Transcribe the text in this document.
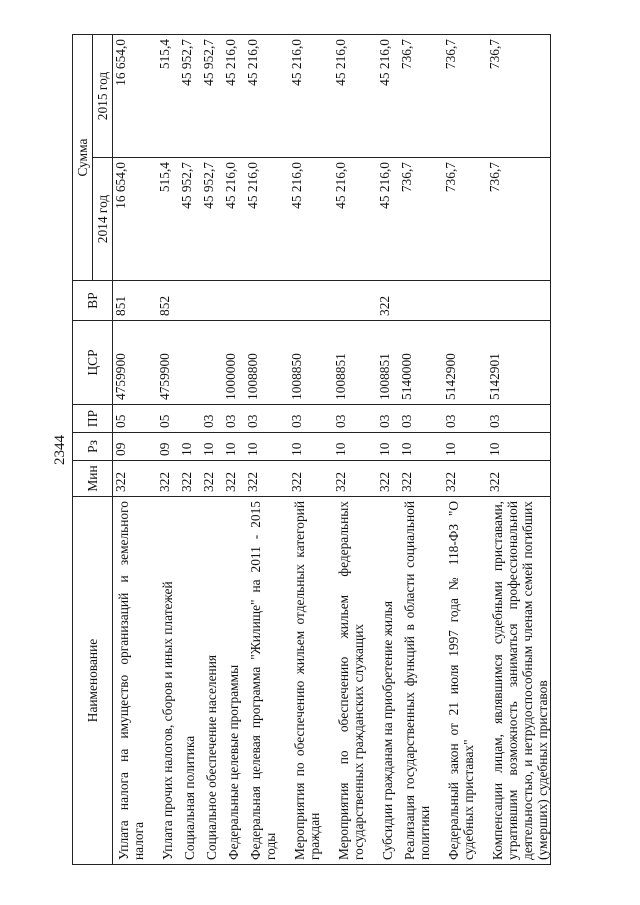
2344
Наименование	Мин	Рз	ПР	ЦСР	ВР	Сумма	
						2014 год	2015 год

Уплата налога на имущество организаций и земельного налога	322	09	05	4759900	851	16 654,0	16 654,0

Уплата прочих налогов, сборов и иных платежей	322	09	05	4759900	852	515,4	515,4

Социальная политика	322	10				45 952,7	45 952,7

Социальное обеспечение населения	322	10	03			45 952,7	45 952,7

Федеральные целевые программы	322	10	03	1000000		45 216,0	45 216,0

Федеральная целевая программа "Жилище" на 2011 - 2015 годы	322	10	03	1008800		45 216,0	45 216,0

Мероприятия по обеспечению жильем отдельных категорий граждан	322	10	03	1008850		45 216,0	45 216,0

Мероприятия по обеспечению жильем федеральных государственных гражданских служащих	322	10	03	1008851		45 216,0	45 216,0

Субсидии гражданам на приобретение жилья	322	10	03	1008851	322	45 216,0	45 216,0

Реализация государственных функций в области социальной политики	322	10	03	5140000		736,7	736,7

Федеральный закон от 21 июля 1997 года № 118-ФЗ "О судебных приставах"	322	10	03	5142900		736,7	736,7

Компенсации лицам, являвшимся судебными приставами, утратившим возможность заниматься профессиональной деятельностью, и нетрудоспособным членам семей погибших (умерших) судебных приставов	322	10	03	5142901		736,7	736,7
